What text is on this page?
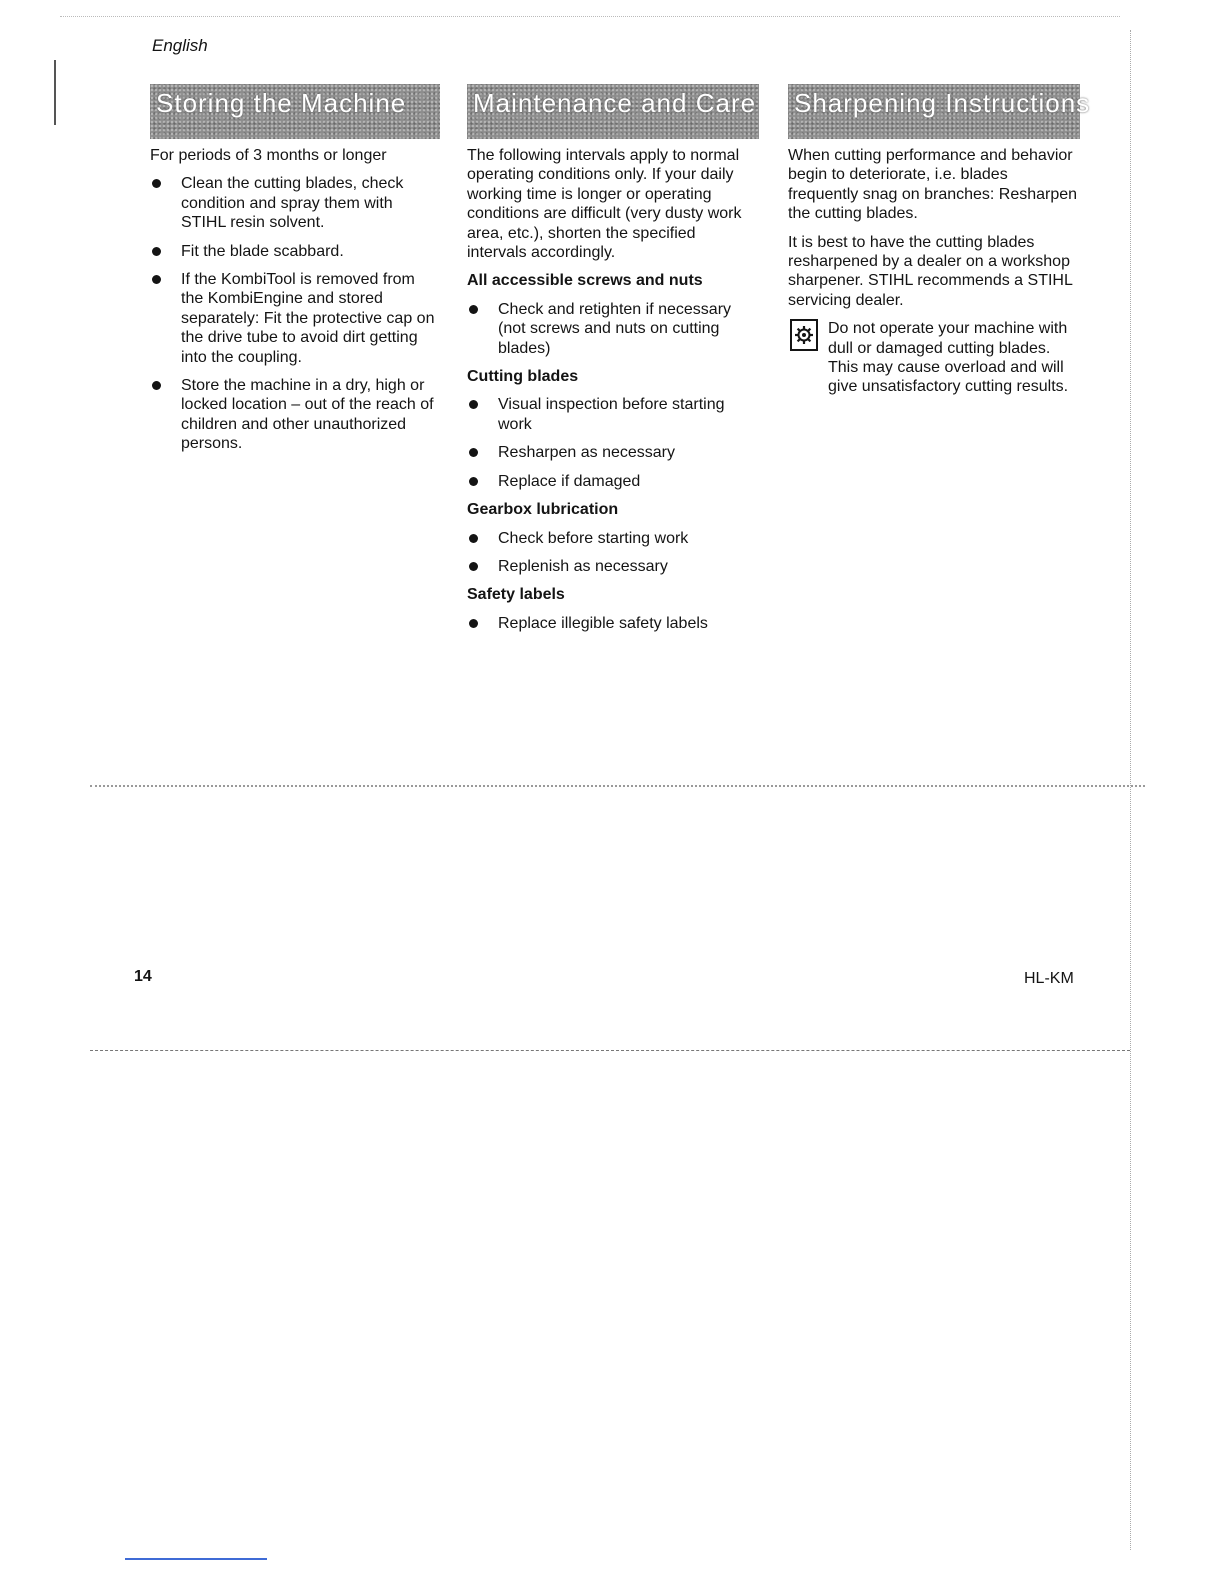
English
Storing the Machine

For periods of 3 months or longer

Clean the cutting blades, check condition and spray them with STIHL resin solvent.
Fit the blade scabbard.
If the KombiTool is removed from the KombiEngine and stored separately: Fit the protective cap on the drive tube to avoid dirt getting into the coupling.
Store the machine in a dry, high or locked location – out of the reach of children and other unauthorized persons.
Maintenance and Care

The following intervals apply to normal operating conditions only. If your daily working time is longer or operating conditions are difficult (very dusty work area, etc.), shorten the specified intervals accordingly.

All accessible screws and nuts
Check and retighten if necessary (not screws and nuts on cutting blades)
Cutting blades
Visual inspection before starting work
Resharpen as necessary
Replace if damaged
Gearbox lubrication
Check before starting work
Replenish as necessary
Safety labels
Replace illegible safety labels
Sharpening Instructions

When cutting performance and behavior begin to deteriorate, i.e. blades frequently snag on branches: Resharpen the cutting blades.

It is best to have the cutting blades resharpened by a dealer on a workshop sharpener. STIHL recommends a STIHL servicing dealer.

Do not operate your machine with dull or damaged cutting blades. This may cause overload and will give unsatisfactory cutting results.

14	HL-KM
